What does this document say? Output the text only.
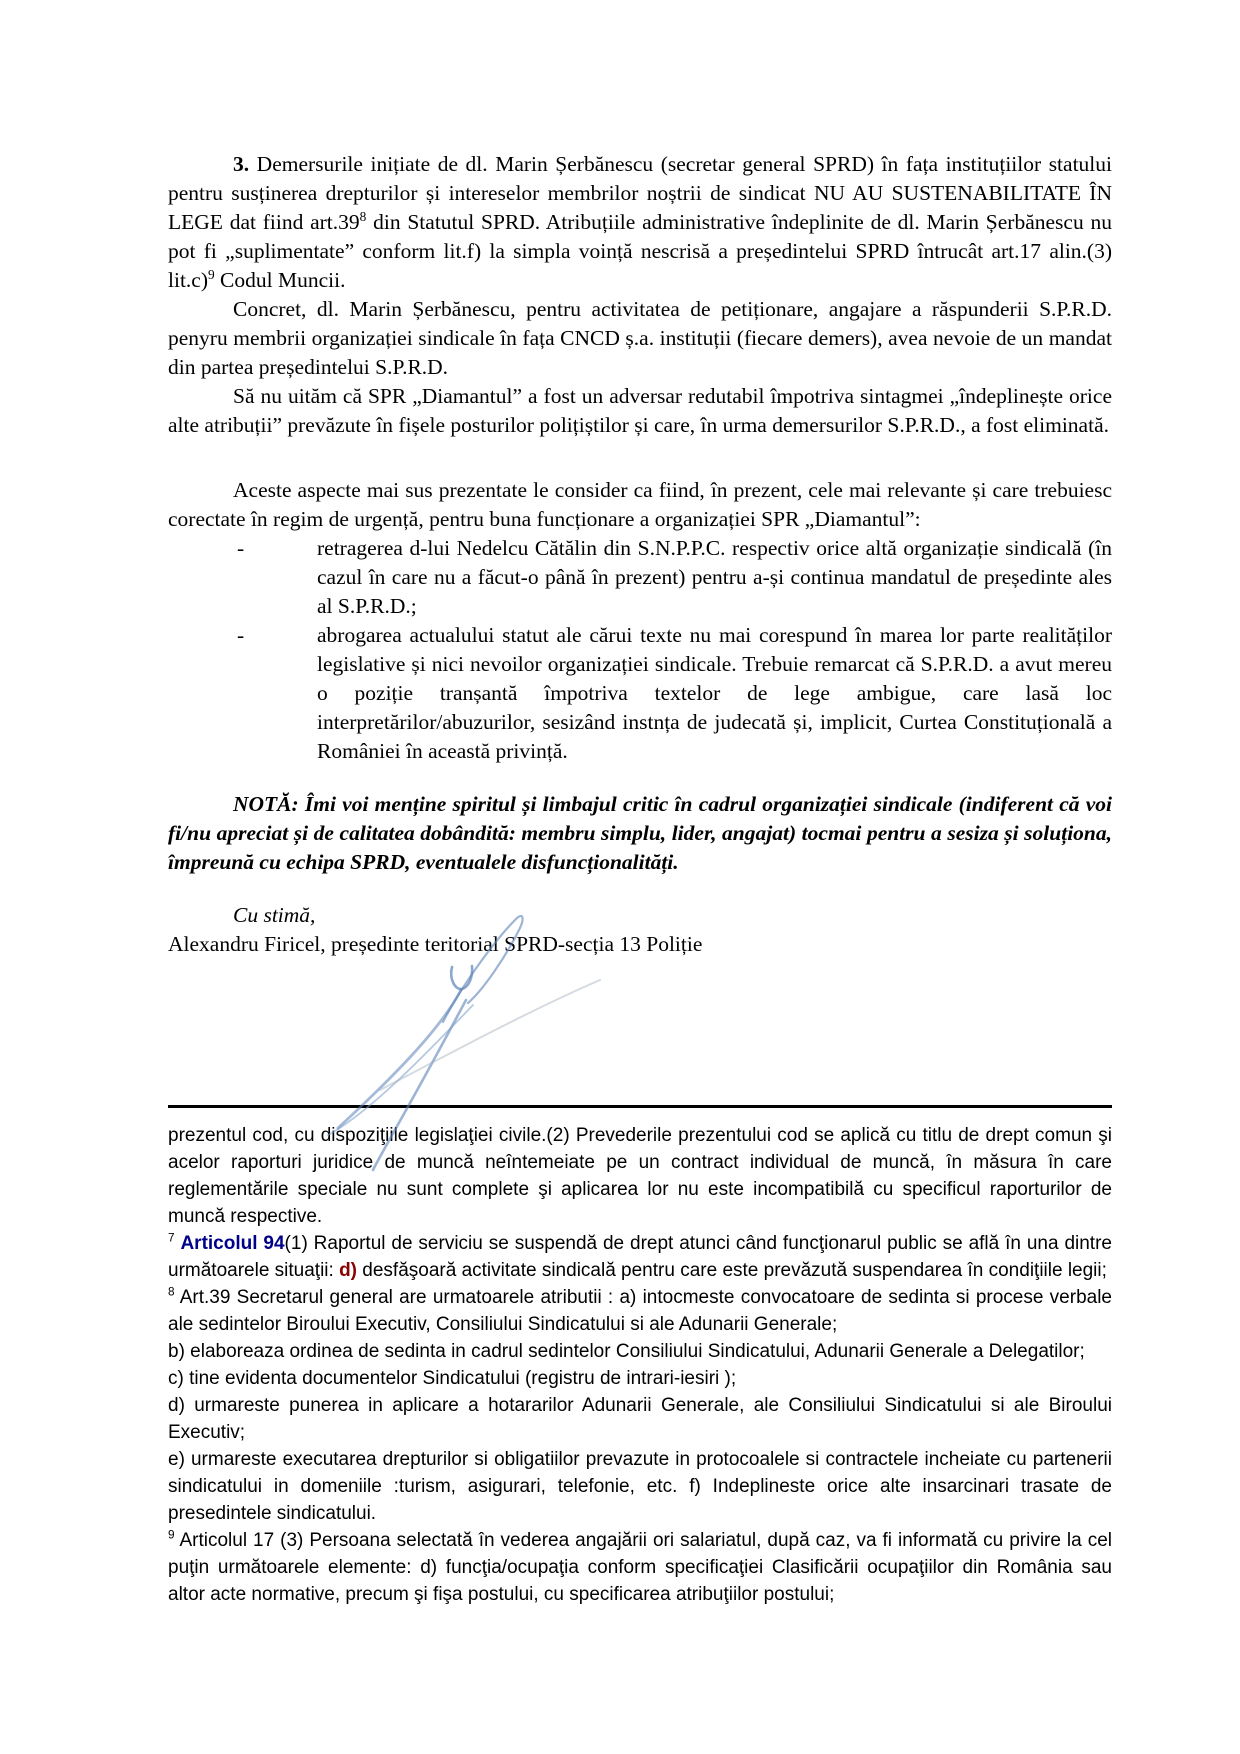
3. Demersurile inițiate de dl. Marin Șerbănescu (secretar general SPRD) în fața instituțiilor statului pentru susținerea drepturilor și intereselor membrilor noștrii de sindicat NU AU SUSTENABILITATE ÎN LEGE dat fiind $art.39^8$ din Statutul SPRD. Atribuțiile administrative îndeplinite de dl. Marin Șerbănescu nu pot fi „suplimentate” conform lit.f) la simpla voință nescrisă a președintelui SPRD întrucât art.17 alin.(3) lit.c)$^9$ Codul Muncii.

Concret, dl. Marin Șerbănescu, pentru activitatea de petiționare, angajare a răspunderii S.P.R.D. penyru membrii organizației sindicale în fața CNCD ș.a. instituții (fiecare demers), avea nevoie de un mandat din partea președintelui S.P.R.D.

Să nu uităm că SPR „Diamantul” a fost un adversar redutabil împotriva sintagmei „îndeplinește orice alte atribuții” prevăzute în fișele posturilor polițiștilor și care, în urma demersurilor S.P.R.D., a fost eliminată.

Aceste aspecte mai sus prezentate le consider ca fiind, în prezent, cele mai relevante și care trebuiesc corectate în regim de urgență, pentru buna funcționare a organizației SPR „Diamantul”:

-	retragerea d-lui Nedelcu Cătălin din S.N.P.P.C. respectiv orice altă organizație sindicală (în cazul în care nu a făcut-o până în prezent) pentru a-și continua mandatul de președinte ales al S.P.R.D.;
-	abrogarea actualului statut ale cărui texte nu mai corespund în marea lor parte realităților legislative și nici nevoilor organizației sindicale. Trebuie remarcat că S.P.R.D. a avut mereu o poziție tranșantă împotriva textelor de lege ambigue, care lasă loc interpretărilor/abuzurilor, sesizând instnța de judecată și, implicit, Curtea Constituțională a României în această privință.

NOTĂ: Îmi voi menține spiritul și limbajul critic în cadrul organizației sindicale (indiferent că voi fi/nu apreciat și de calitatea dobândită: membru simplu, lider, angajat) tocmai pentru a sesiza și soluționa, împreună cu echipa SPRD, eventualele disfuncționalități.

Cu stimă,

Alexandru Firicel, președinte teritorial SPRD-secția 13 Poliție

prezentul cod, cu dispoziţiile legislaţiei civile.(2) Prevederile prezentului cod se aplică cu titlu de drept comun şi acelor raporturi juridice de muncă neîntemeiate pe un contract individual de muncă, în măsura în care reglementările speciale nu sunt complete şi aplicarea lor nu este incompatibilă cu specificul raporturilor de muncă respective.

$^7$ Articolul 94(1) Raportul de serviciu se suspendă de drept atunci când funcţionarul public se află în una dintre următoarele situaţii: d) desfăşoară activitate sindicală pentru care este prevăzută suspendarea în condiţiile legii;

$^8$ Art.39 Secretarul general are urmatoarele atributii : a) intocmeste convocatoare de sedinta si procese verbale ale sedintelor Biroului Executiv, Consiliului Sindicatului si ale Adunarii Generale;

b) elaboreaza ordinea de sedinta in cadrul sedintelor Consiliului Sindicatului, Adunarii Generale a Delegatilor;

c) tine evidenta documentelor Sindicatului (registru de intrari-iesiri );

d) urmareste punerea in aplicare a hotararilor Adunarii Generale, ale Consiliului Sindicatului si ale Biroului Executiv;

e) urmareste executarea drepturilor si obligatiilor prevazute in protocoalele si contractele incheiate cu partenerii sindicatului in domeniile :turism, asigurari, telefonie, etc. f) Indeplineste orice alte insarcinari trasate de presedintele sindicatului.

$^9$ Articolul 17 (3) Persoana selectată în vederea angajării ori salariatul, după caz, va fi informată cu privire la cel puţin următoarele elemente: d) funcţia/ocupaţia conform specificaţiei Clasificării ocupaţiilor din România sau altor acte normative, precum şi fişa postului, cu specificarea atribuţiilor postului;
